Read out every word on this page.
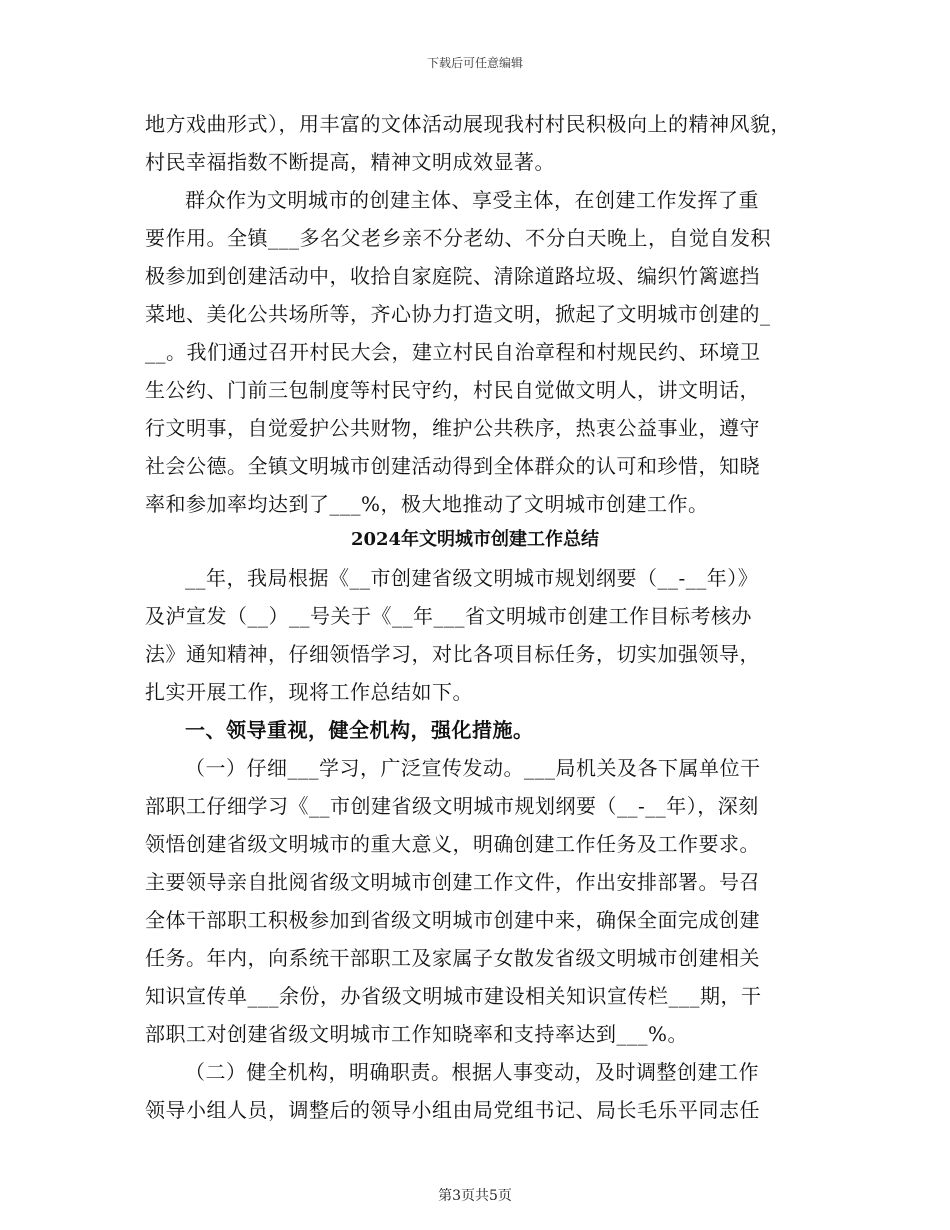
下载后可任意编辑
地方戏曲形式），用丰富的文体活动展现我村村民积极向上的精神风貌，
村民幸福指数不断提高，精神文明成效显著。
群众作为文明城市的创建主体、享受主体，在创建工作发挥了重
要作用。全镇___多名父老乡亲不分老幼、不分白天晚上，自觉自发积
极参加到创建活动中，收拾自家庭院、清除道路垃圾、编织竹篱遮挡
菜地、美化公共场所等，齐心协力打造文明，掀起了文明城市创建的_
__。我们通过召开村民大会，建立村民自治章程和村规民约、环境卫
生公约、门前三包制度等村民守约，村民自觉做文明人，讲文明话，
行文明事，自觉爱护公共财物，维护公共秩序，热衷公益事业，遵守
社会公德。全镇文明城市创建活动得到全体群众的认可和珍惜，知晓
率和参加率均达到了___%，极大地推动了文明城市创建工作。
2024年文明城市创建工作总结
__年，我局根据《__市创建省级文明城市规划纲要（__-__年）》
及泸宣发（__）__号关于《__年___省文明城市创建工作目标考核办
法》通知精神，仔细领悟学习，对比各项目标任务，切实加强领导，
扎实开展工作，现将工作总结如下。
一、领导重视，健全机构，强化措施。
（一）仔细___学习，广泛宣传发动。___局机关及各下属单位干
部职工仔细学习《__市创建省级文明城市规划纲要（__-__年），深刻
领悟创建省级文明城市的重大意义，明确创建工作任务及工作要求。
主要领导亲自批阅省级文明城市创建工作文件，作出安排部署。号召
全体干部职工积极参加到省级文明城市创建中来，确保全面完成创建
任务。年内，向系统干部职工及家属子女散发省级文明城市创建相关
知识宣传单___余份，办省级文明城市建设相关知识宣传栏___期，干
部职工对创建省级文明城市工作知晓率和支持率达到___%。
（二）健全机构，明确职责。根据人事变动，及时调整创建工作
领导小组人员，调整后的领导小组由局党组书记、局长毛乐平同志任
第3页共5页
